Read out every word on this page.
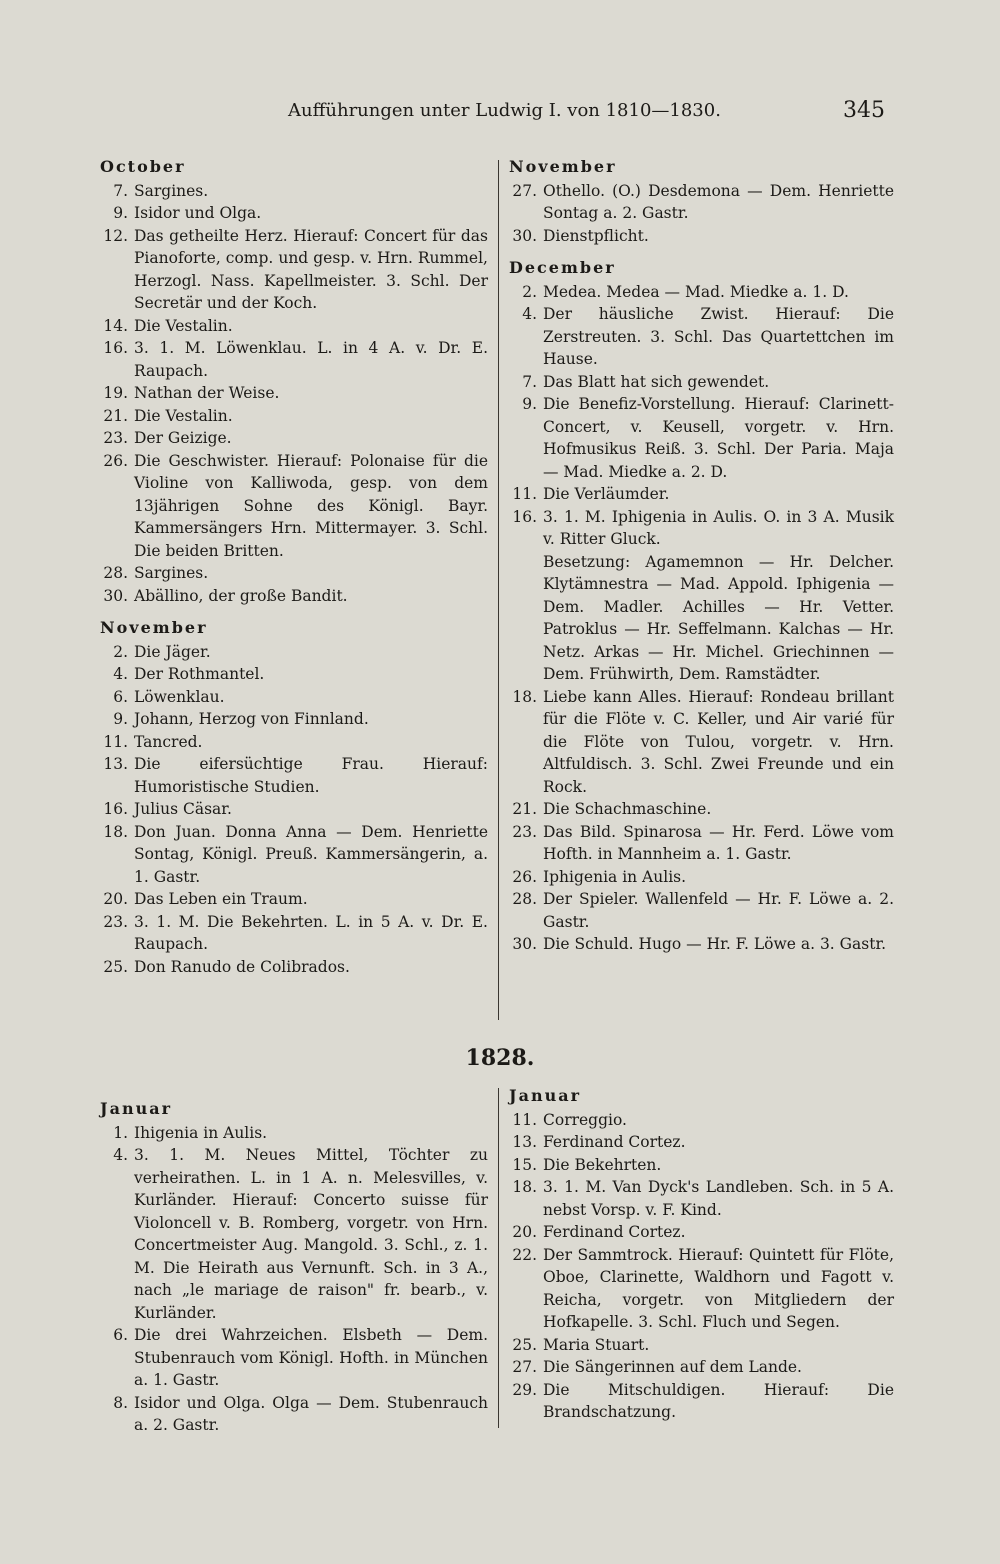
Aufführungen unter Ludwig I. von 1810—1830.	345
October
7. Sargines.
9. Isidor und Olga.
12. Das getheilte Herz. Hierauf: Concert für das Pianoforte, comp. und gesp. v. Hrn. Rummel, Herzogl. Nass. Kapellmeister. 3. Schl. Der Secretär und der Koch.
14. Die Vestalin.
16. 3. 1. M. Löwenklau. L. in 4 A. v. Dr. E. Raupach.
19. Nathan der Weise.
21. Die Vestalin.
23. Der Geizige.
26. Die Geschwister. Hierauf: Polonaise für die Violine von Kalliwoda, gesp. von dem 13jährigen Sohne des Königl. Bayr. Kammersängers Hrn. Mittermayer. 3. Schl. Die beiden Britten.
28. Sargines.
30. Abällino, der große Bandit.
November
2. Die Jäger.
4. Der Rothmantel.
6. Löwenklau.
9. Johann, Herzog von Finnland.
11. Tancred.
13. Die eifersüchtige Frau. Hierauf: Humoristische Studien.
16. Julius Cäsar.
18. Don Juan. Donna Anna — Dem. Henriette Sontag, Königl. Preuß. Kammersängerin, a. 1. Gastr.
20. Das Leben ein Traum.
23. 3. 1. M. Die Bekehrten. L. in 5 A. v. Dr. E. Raupach.
25. Don Ranudo de Colibrados.
November
27. Othello. (O.) Desdemona — Dem. Henriette Sontag a. 2. Gastr.
30. Dienstpflicht.
December
2. Medea. Medea — Mad. Miedke a. 1. D.
4. Der häusliche Zwist. Hierauf: Die Zerstreuten. 3. Schl. Das Quartettchen im Hause.
7. Das Blatt hat sich gewendet.
9. Die Benefiz-Vorstellung. Hierauf: Clarinett-Concert, v. Keusell, vorgetr. v. Hrn. Hofmusikus Reiß. 3. Schl. Der Paria. Maja — Mad. Miedke a. 2. D.
11. Die Verläumder.
16. 3. 1. M. Iphigenia in Aulis. O. in 3 A. Musik v. Ritter Gluck.
Besetzung: Agamemnon — Hr. Delcher. Klytämnestra — Mad. Appold. Iphigenia — Dem. Madler. Achilles — Hr. Vetter. Patroklus — Hr. Seffelmann. Kalchas — Hr. Netz. Arkas — Hr. Michel. Griechinnen — Dem. Frühwirth, Dem. Ramstädter.
18. Liebe kann Alles. Hierauf: Rondeau brillant für die Flöte v. C. Keller, und Air varié für die Flöte von Tulou, vorgetr. v. Hrn. Altfuldisch. 3. Schl. Zwei Freunde und ein Rock.
21. Die Schachmaschine.
23. Das Bild. Spinarosa — Hr. Ferd. Löwe vom Hofth. in Mannheim a. 1. Gastr.
26. Iphigenia in Aulis.
28. Der Spieler. Wallenfeld — Hr. F. Löwe a. 2. Gastr.
30. Die Schuld. Hugo — Hr. F. Löwe a. 3. Gastr.
1828.
Januar
1. Ihigenia in Aulis.
4. 3. 1. M. Neues Mittel, Töchter zu verheirathen. L. in 1 A. n. Melesvilles, v. Kurländer. Hierauf: Concerto suisse für Violoncell v. B. Romberg, vorgetr. von Hrn. Concertmeister Aug. Mangold. 3. Schl., z. 1. M. Die Heirath aus Vernunft. Sch. in 3 A., nach „le mariage de raison" fr. bearb., v. Kurländer.
6. Die drei Wahrzeichen. Elsbeth — Dem. Stubenrauch vom Königl. Hofth. in München a. 1. Gastr.
8. Isidor und Olga. Olga — Dem. Stubenrauch a. 2. Gastr.
Januar
11. Correggio.
13. Ferdinand Cortez.
15. Die Bekehrten.
18. 3. 1. M. Van Dyck's Landleben. Sch. in 5 A. nebst Vorsp. v. F. Kind.
20. Ferdinand Cortez.
22. Der Sammtrock. Hierauf: Quintett für Flöte, Oboe, Clarinette, Waldhorn und Fagott v. Reicha, vorgetr. von Mitgliedern der Hofkapelle. 3. Schl. Fluch und Segen.
25. Maria Stuart.
27. Die Sängerinnen auf dem Lande.
29. Die Mitschuldigen. Hierauf: Die Brandschatzung.
